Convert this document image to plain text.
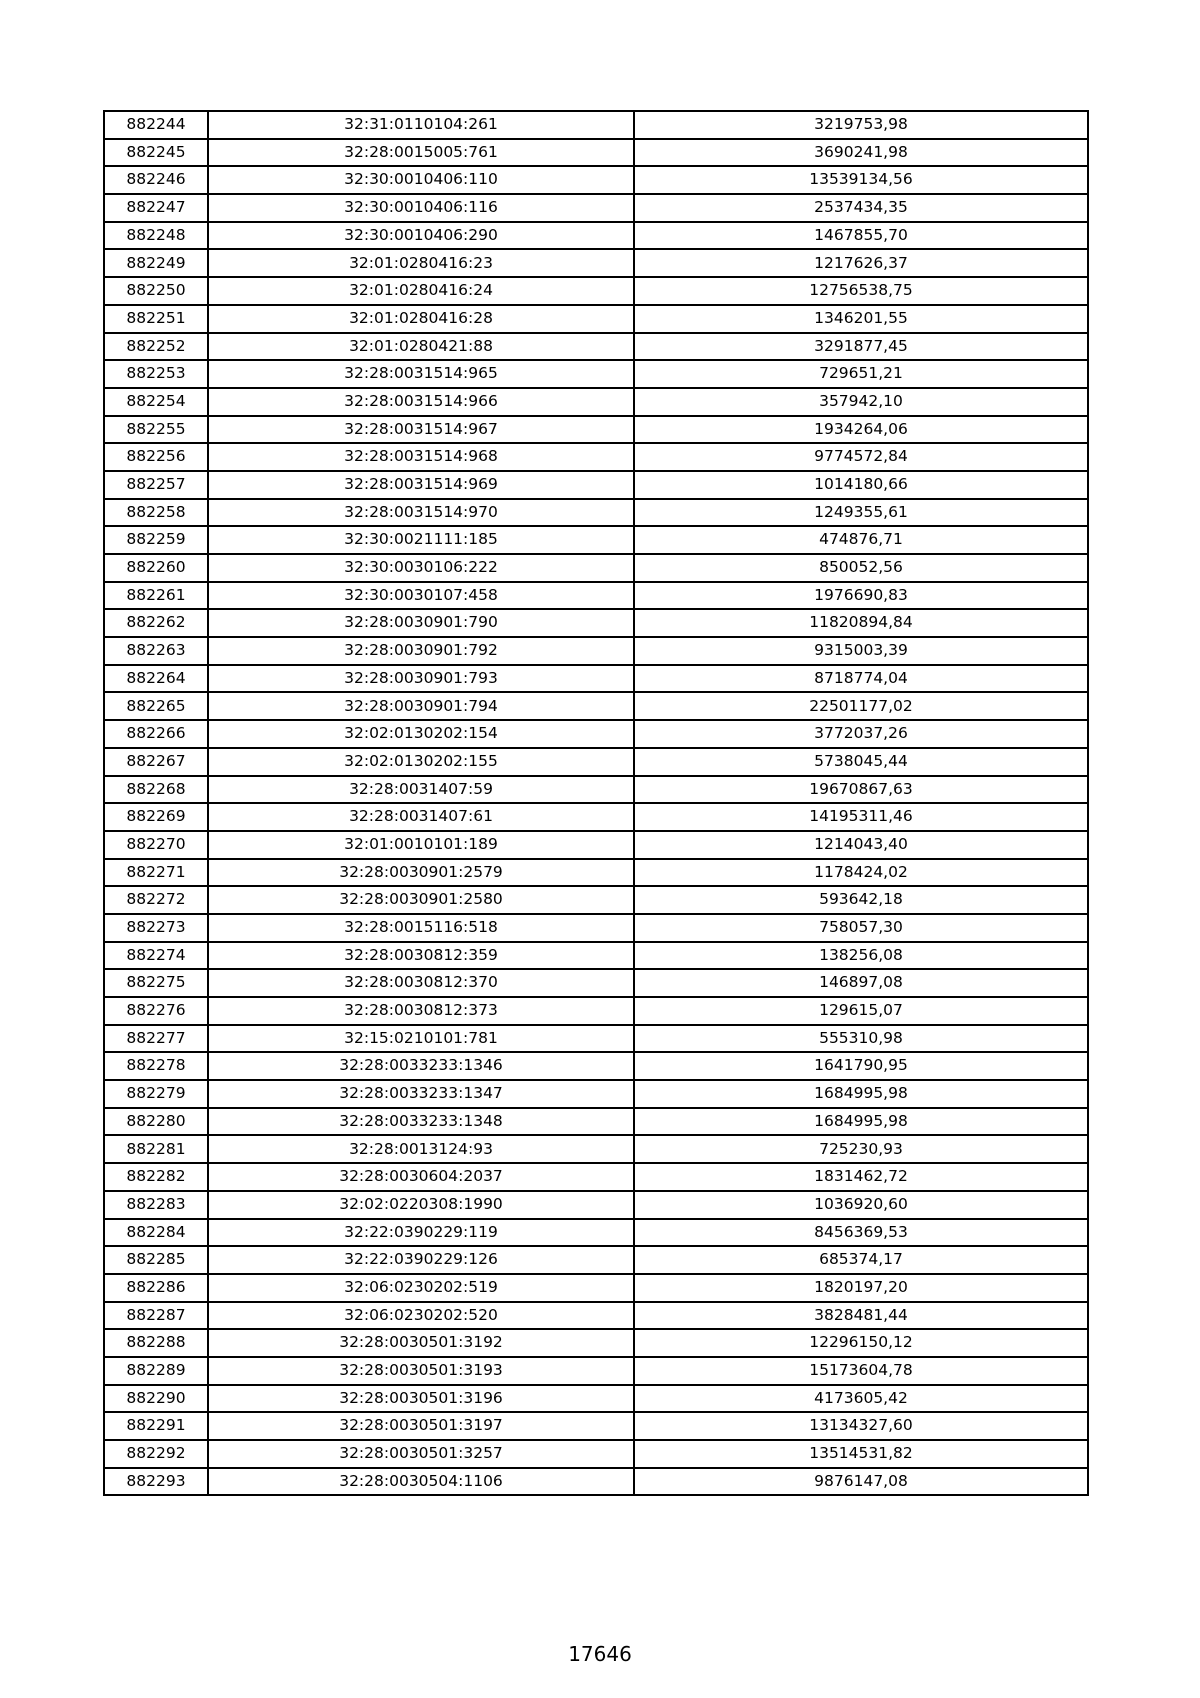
882244	32:31:0110104:261	3219753,98
882245	32:28:0015005:761	3690241,98
882246	32:30:0010406:110	13539134,56
882247	32:30:0010406:116	2537434,35
882248	32:30:0010406:290	1467855,70
882249	32:01:0280416:23	1217626,37
882250	32:01:0280416:24	12756538,75
882251	32:01:0280416:28	1346201,55
882252	32:01:0280421:88	3291877,45
882253	32:28:0031514:965	729651,21
882254	32:28:0031514:966	357942,10
882255	32:28:0031514:967	1934264,06
882256	32:28:0031514:968	9774572,84
882257	32:28:0031514:969	1014180,66
882258	32:28:0031514:970	1249355,61
882259	32:30:0021111:185	474876,71
882260	32:30:0030106:222	850052,56
882261	32:30:0030107:458	1976690,83
882262	32:28:0030901:790	11820894,84
882263	32:28:0030901:792	9315003,39
882264	32:28:0030901:793	8718774,04
882265	32:28:0030901:794	22501177,02
882266	32:02:0130202:154	3772037,26
882267	32:02:0130202:155	5738045,44
882268	32:28:0031407:59	19670867,63
882269	32:28:0031407:61	14195311,46
882270	32:01:0010101:189	1214043,40
882271	32:28:0030901:2579	1178424,02
882272	32:28:0030901:2580	593642,18
882273	32:28:0015116:518	758057,30
882274	32:28:0030812:359	138256,08
882275	32:28:0030812:370	146897,08
882276	32:28:0030812:373	129615,07
882277	32:15:0210101:781	555310,98
882278	32:28:0033233:1346	1641790,95
882279	32:28:0033233:1347	1684995,98
882280	32:28:0033233:1348	1684995,98
882281	32:28:0013124:93	725230,93
882282	32:28:0030604:2037	1831462,72
882283	32:02:0220308:1990	1036920,60
882284	32:22:0390229:119	8456369,53
882285	32:22:0390229:126	685374,17
882286	32:06:0230202:519	1820197,20
882287	32:06:0230202:520	3828481,44
882288	32:28:0030501:3192	12296150,12
882289	32:28:0030501:3193	15173604,78
882290	32:28:0030501:3196	4173605,42
882291	32:28:0030501:3197	13134327,60
882292	32:28:0030501:3257	13514531,82
882293	32:28:0030504:1106	9876147,08
17646
